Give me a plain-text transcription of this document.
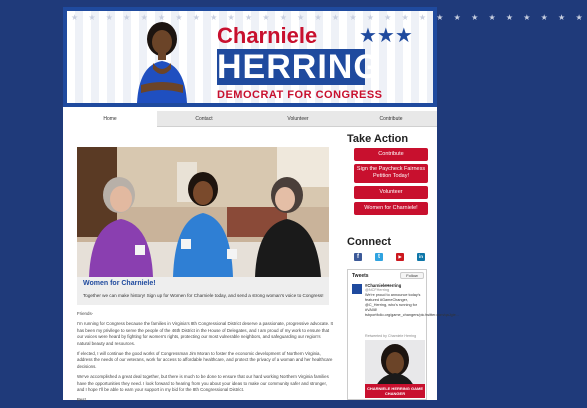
★ ★ ★ ★ ★ ★ ★ ★ ★ ★ ★ ★ ★ ★ ★ ★ ★ ★ ★ ★ ★ ★ ★ ★ ★ ★ ★ ★ ★ ★
Charniele ★★★
HERRING
DEMOCRAT FOR CONGRESS
Home	Contact	Volunteer	Contribute
Women for Charniele!
Together we can make history! Sign up for Women for Charniele today, and send a strong woman's voice to Congress!

Friends-

I'm running for Congress because the families in Virginia's 8th Congressional District deserve a passionate, progressive advocate. It has been my privilege to serve the people of the 46th District in the House of Delegates, and I am proud of my work to ensure that our voices were heard by fighting for women's rights, protecting our most vulnerable neighbors, and safeguarding our region's natural beauty and resources.

If elected, I will continue the good works of Congressman Jim Moran to foster the economic development of Northern Virginia, address the needs of our veterans, work for access to affordable healthcare, and protect the privacy of a woman and her healthcare decisions.

We've accomplished a great deal together, but there is much to be done to ensure that our hard working Northern Virginia families have the opportunities they need. I look forward to hearing from you about your ideas to make our community safer and stronger, and I hope I'll be able to earn your support in my bid for the 8th Congressional District.

Best,

Take Action
Contribute
Sign the Paycheck Fairness Petition Today!
Volunteer
Women for Charniele!
Connect
f	t	▶	in
Tweets	Follow
#CharnieleHerring
@NCFHerring
We're proud to announce today's featured #GameChanger, @C_Herring, who's running for #VA08! tsbportfolio.org/game_changers/pic.twitter.com/qaJgie...
Retweeted by Charniele Herring
CHARNIELE HERRING GAME CHANGER
